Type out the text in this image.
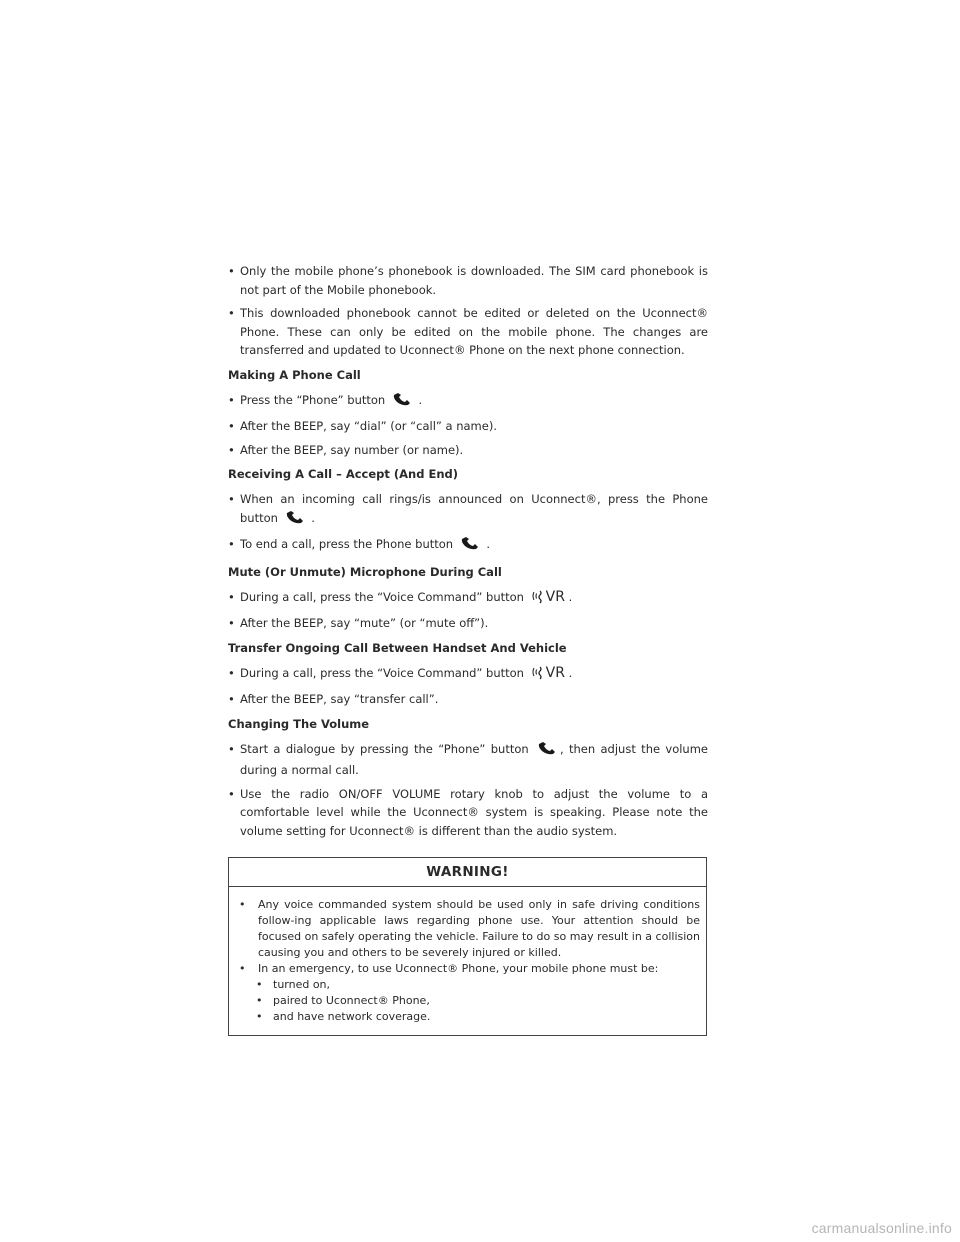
• Only the mobile phone’s phonebook is downloaded. The SIM card phonebook is not part of the Mobile phonebook.
• This downloaded phonebook cannot be edited or deleted on the Uconnect® Phone. These can only be edited on the mobile phone. The changes are transferred and updated to Uconnect® Phone on the next phone connection.
Making A Phone Call
• Press the “Phone” button	.
• After the BEEP, say “dial” (or “call” a name).
• After the BEEP, say number (or name).
Receiving A Call – Accept (And End)
• When an incoming call rings/is announced on Uconnect®, press the Phone button	.
• To end a call, press the Phone button	.
Mute (Or Unmute) Microphone During Call
• During a call, press the “Voice Command” button VR .
• After the BEEP, say “mute” (or “mute off”).
Transfer Ongoing Call Between Handset And Vehicle
• During a call, press the “Voice Command” button VR .
• After the BEEP, say “transfer call”.
Changing The Volume
• Start a dialogue by pressing the “Phone” button	, then adjust the volume during a normal call.
• Use the radio ON/OFF VOLUME rotary knob to adjust the volume to a comfortable level while the Uconnect® system is speaking. Please note the volume setting for Uconnect® is different than the audio system.
WARNING!
• Any voice commanded system should be used only in safe driving conditions follow-ing applicable laws regarding phone use. Your attention should be focused on safely operating the vehicle. Failure to do so may result in a collision causing you and others to be severely injured or killed.
• In an emergency, to use Uconnect® Phone, your mobile phone must be:
• turned on,
• paired to Uconnect® Phone,
• and have network coverage.
carmanualsonline.info
